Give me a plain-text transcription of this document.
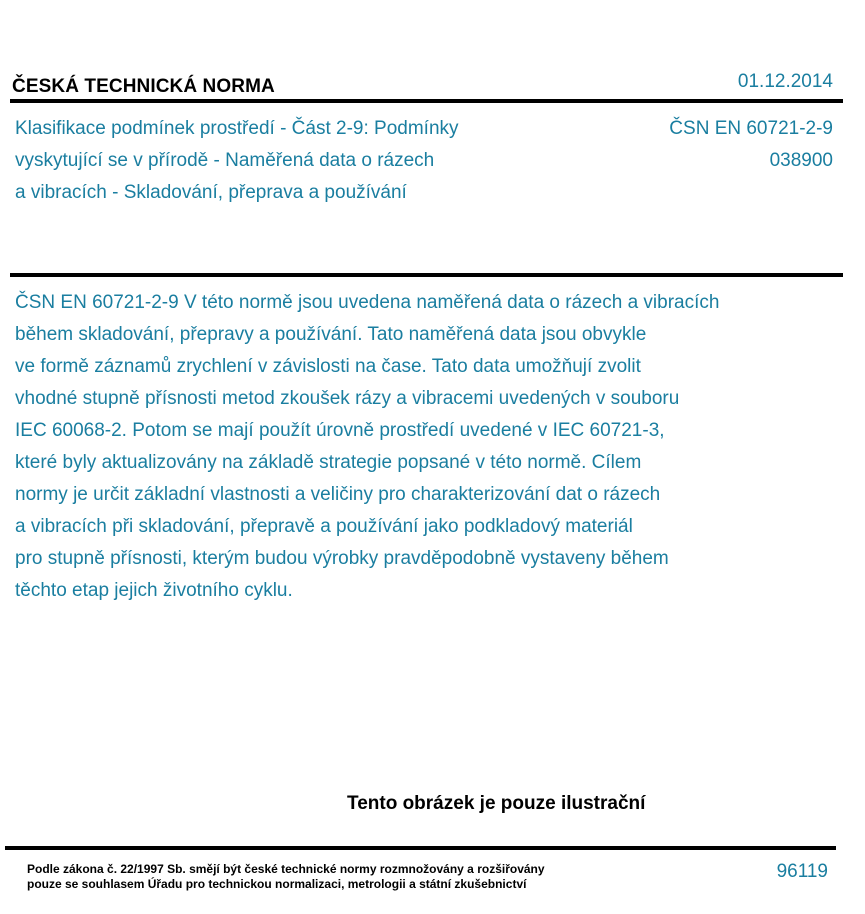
ČESKÁ TECHNICKÁ NORMA	01.12.2014
Klasifikace podmínek prostředí - Část 2-9: Podmínky
vyskytující se v přírodě - Naměřená data o rázech
a vibracích - Skladování, přeprava a používání
ČSN EN 60721-2-9
038900
ČSN EN 60721-2-9 V této normě jsou uvedena naměřená data o rázech a vibracích
během skladování, přepravy a používání. Tato naměřená data jsou obvykle
ve formě záznamů zrychlení v závislosti na čase. Tato data umožňují zvolit
vhodné stupně přísnosti metod zkoušek rázy a vibracemi uvedených v souboru
IEC 60068-2. Potom se mají použít úrovně prostředí uvedené v IEC 60721-3,
které byly aktualizovány na základě strategie popsané v této normě. Cílem
normy je určit základní vlastnosti a veličiny pro charakterizování dat o rázech
a vibracích při skladování, přepravě a používání jako podkladový materiál
pro stupně přísnosti, kterým budou výrobky pravděpodobně vystaveny během
těchto etap jejich životního cyklu.
Tento obrázek je pouze ilustrační
Podle zákona č. 22/1997 Sb. smějí být české technické normy rozmnožovány a rozšiřovány
pouze se souhlasem Úřadu pro technickou normalizaci, metrologii a státní zkušebnictví
96119
